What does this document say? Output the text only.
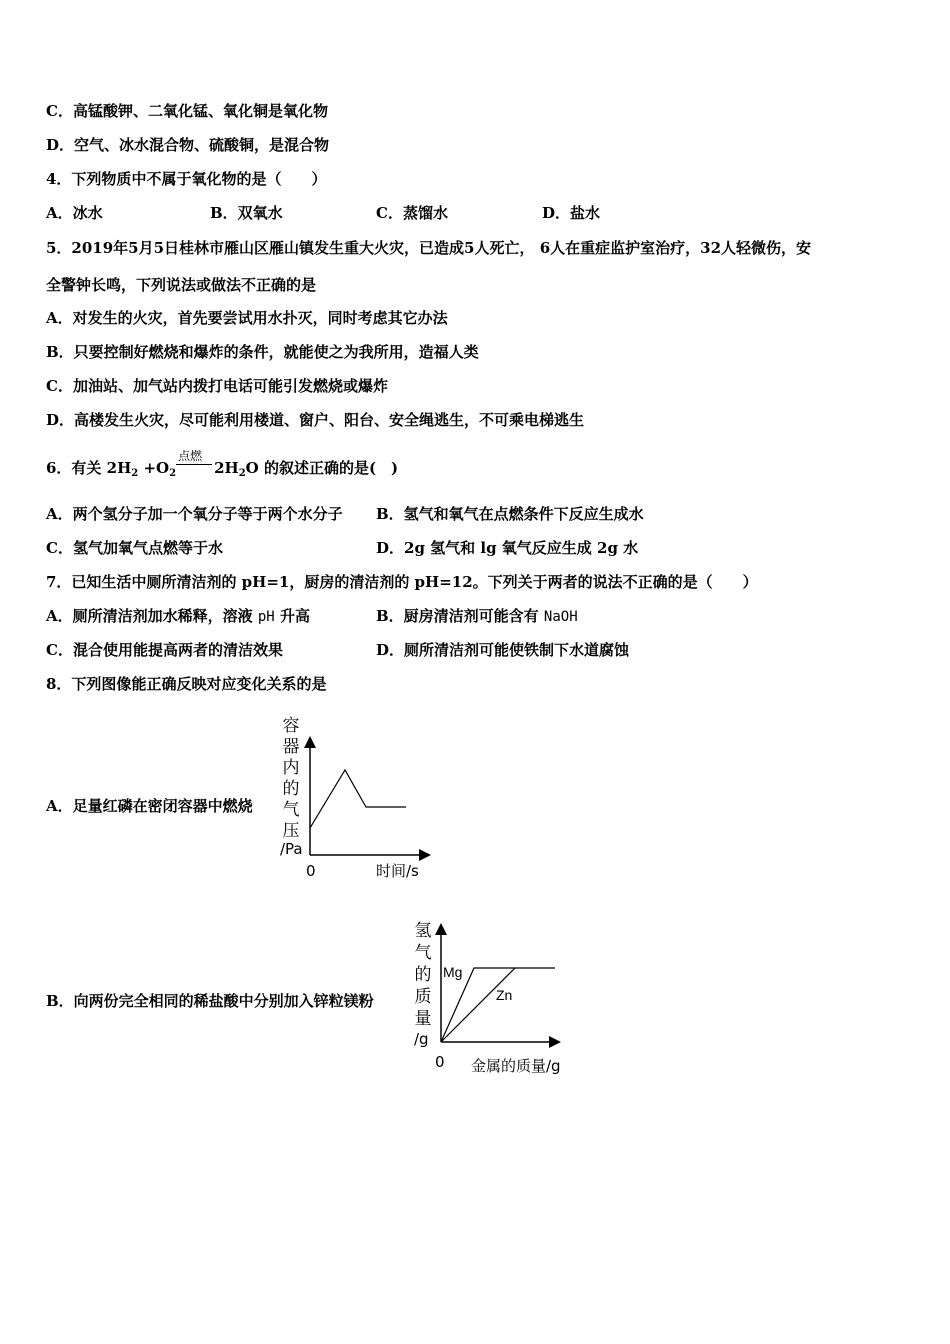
C．高锰酸钾、二氧化锰、氧化铜是氧化物
D．空气、冰水混合物、硫酸铜，是混合物
4．下列物质中不属于氧化物的是（　　）
A．冰水	B．双氧水	C．蒸馏水	D．盐水
5．2019年5月5日桂林市雁山区雁山镇发生重大火灾，已造成5人死亡， 6人在重症监护室治疗，32人轻微伤，安
全警钟长鸣，下列说法或做法不正确的是
A．对发生的火灾，首先要尝试用水扑灭，同时考虑其它办法
B．只要控制好燃烧和爆炸的条件，就能使之为我所用，造福人类
C．加油站、加气站内拨打电话可能引发燃烧或爆炸
D．高楼发生火灾，尽可能利用楼道、窗户、阳台、安全绳逃生，不可乘电梯逃生
6．有关 $2H_2 +O_2$
点燃
$2H_2O$ 的叙述正确的是(　)
A．两个氢分子加一个氧分子等于两个水分子 B．氢气和氧气在点燃条件下反应生成水
C．氢气加氧气点燃等于水	D．2g 氢气和 lg 氧气反应生成 2g 水
7．已知生活中厕所清洁剂的 pH=1，厨房的清洁剂的 pH=12。下列关于两者的说法不正确的是（　　）
A．厕所清洁剂加水稀释，溶液 pH 升高	B．厨房清洁剂可能含有 NaOH
C．混合使用能提高两者的清洁效果	D．厕所清洁剂可能使铁制下水道腐蚀
8．下列图像能正确反映对应变化关系的是
A．足量红磷在密闭容器中燃烧
容
器
内
的
气
压
/Pa
0	时间/s
B．向两份完全相同的稀盐酸中分别加入锌粒镁粉
氢
气
的
质
量
/g
0 金属的质量/g
Mg
Zn
